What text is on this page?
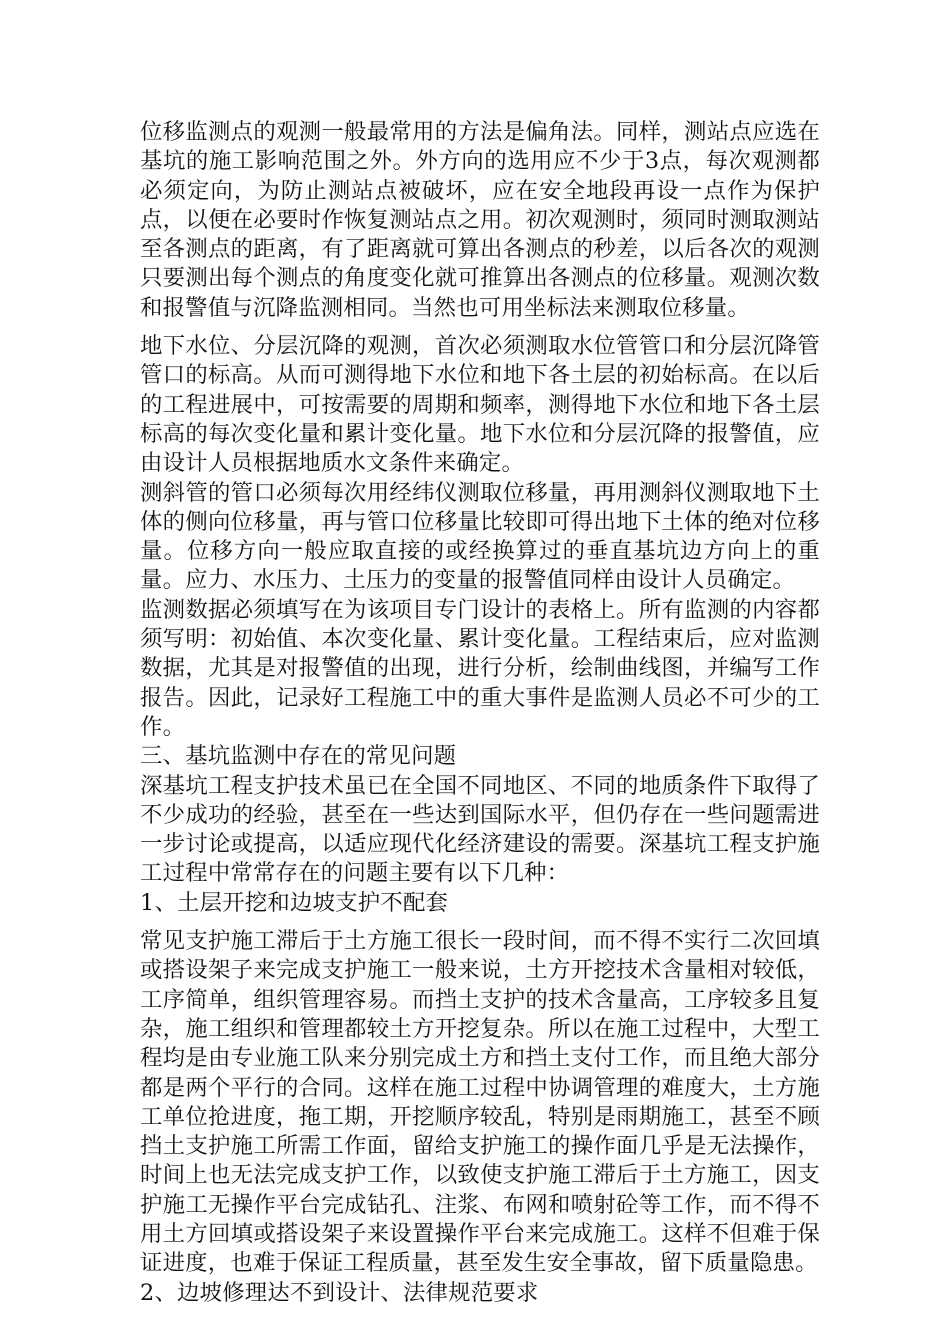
位移监测点的观测一般最常用的方法是偏角法。同样，测站点应选在基坑的施工影响范围之外。外方向的选用应不少于3点，每次观测都必须定向，为防止测站点被破坏，应在安全地段再设一点作为保护点，以便在必要时作恢复测站点之用。初次观测时，须同时测取测站至各测点的距离，有了距离就可算出各测点的秒差，以后各次的观测只要测出每个测点的角度变化就可推算出各测点的位移量。观测次数和报警值与沉降监测相同。当然也可用坐标法来测取位移量。

地下水位、分层沉降的观测，首次必须测取水位管管口和分层沉降管管口的标高。从而可测得地下水位和地下各土层的初始标高。在以后的工程进展中，可按需要的周期和频率，测得地下水位和地下各土层标高的每次变化量和累计变化量。地下水位和分层沉降的报警值，应由设计人员根据地质水文条件来确定。

测斜管的管口必须每次用经纬仪测取位移量，再用测斜仪测取地下土体的侧向位移量，再与管口位移量比较即可得出地下土体的绝对位移量。位移方向一般应取直接的或经换算过的垂直基坑边方向上的重量。应力、水压力、土压力的变量的报警值同样由设计人员确定。

监测数据必须填写在为该项目专门设计的表格上。所有监测的内容都须写明：初始值、本次变化量、累计变化量。工程结束后，应对监测数据，尤其是对报警值的出现，进行分析，绘制曲线图，并编写工作报告。因此，记录好工程施工中的重大事件是监测人员必不可少的工作。

三、基坑监测中存在的常见问题

深基坑工程支护技术虽已在全国不同地区、不同的地质条件下取得了不少成功的经验，甚至在一些达到国际水平，但仍存在一些问题需进一步讨论或提高，以适应现代化经济建设的需要。深基坑工程支护施工过程中常常存在的问题主要有以下几种：

1、土层开挖和边坡支护不配套

常见支护施工滞后于土方施工很长一段时间，而不得不实行二次回填或搭设架子来完成支护施工一般来说，土方开挖技术含量相对较低，工序简单，组织管理容易。而挡土支护的技术含量高，工序较多且复杂，施工组织和管理都较土方开挖复杂。所以在施工过程中，大型工程均是由专业施工队来分别完成土方和挡土支付工作，而且绝大部分都是两个平行的合同。这样在施工过程中协调管理的难度大，土方施工单位抢进度，拖工期，开挖顺序较乱，特别是雨期施工，甚至不顾挡土支护施工所需工作面，留给支护施工的操作面几乎是无法操作，时间上也无法完成支护工作，以致使支护施工滞后于土方施工，因支护施工无操作平台完成钻孔、注浆、布网和喷射砼等工作，而不得不用土方回填或搭设架子来设置操作平台来完成施工。这样不但难于保证进度，也难于保证工程质量，甚至发生安全事故，留下质量隐患。

2、边坡修理达不到设计、法律规范要求
